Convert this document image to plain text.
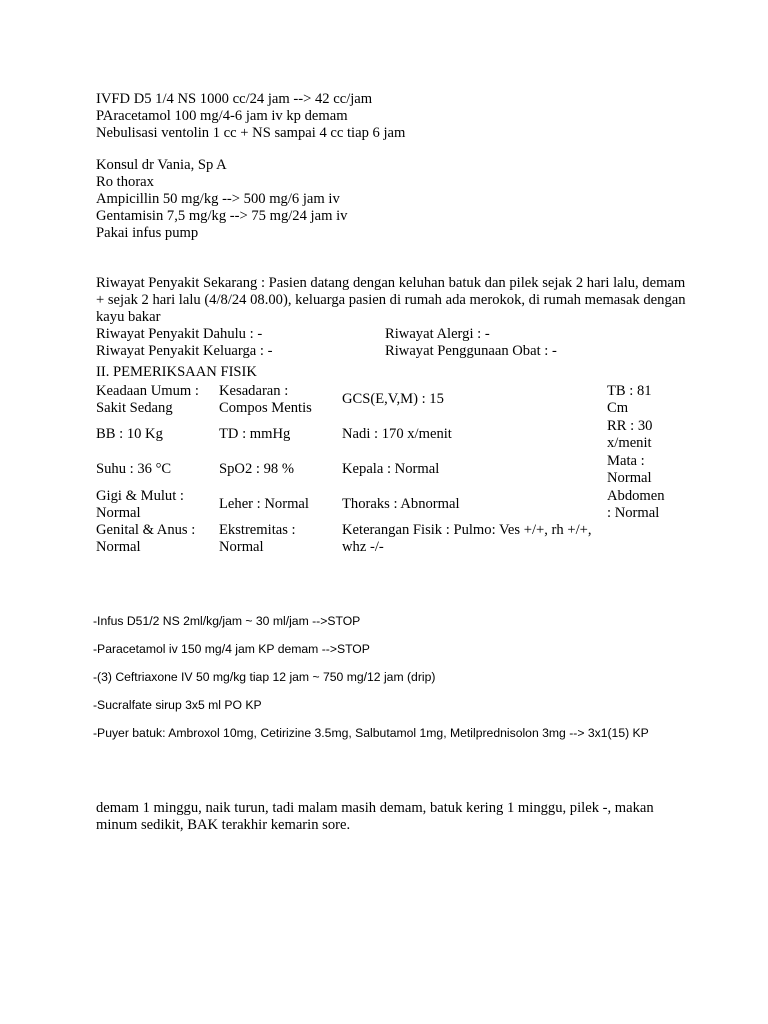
IVFD D5 1/4 NS 1000 cc/24 jam --> 42 cc/jam
PAracetamol 100 mg/4-6 jam iv kp demam
Nebulisasi ventolin 1 cc + NS sampai 4 cc tiap 6 jam
Konsul dr Vania, Sp A
Ro thorax
Ampicillin 50 mg/kg --> 500 mg/6 jam iv
Gentamisin 7,5 mg/kg --> 75 mg/24 jam iv
Pakai infus pump
Riwayat Penyakit Sekarang : Pasien datang dengan keluhan batuk dan pilek sejak 2 hari lalu, demam + sejak 2 hari lalu (4/8/24 08.00), keluarga pasien di rumah ada merokok, di rumah memasak dengan kayu bakar
Riwayat Penyakit Dahulu : -	Riwayat Alergi : -
Riwayat Penyakit Keluarga : -	Riwayat Penggunaan Obat : -
II. PEMERIKSAAN FISIK
Keadaan Umum : Sakit Sedang	Kesadaran : Compos Mentis	GCS(E,V,M) : 15	TB : 81 Cm
BB : 10 Kg	TD : mmHg	Nadi : 170 x/menit	RR : 30 x/menit
Suhu : 36 °C	SpO2 : 98 %	Kepala : Normal	Mata : Normal
Gigi & Mulut : Normal	Leher : Normal	Thoraks : Abnormal	Abdomen : Normal
Genital & Anus : Normal	Ekstremitas : Normal	Keterangan Fisik : Pulmo: Ves +/+, rh +/+, whz -/-	
-Infus D51/2 NS 2ml/kg/jam ~ 30 ml/jam -->STOP
-Paracetamol iv 150 mg/4 jam KP demam -->STOP
-(3) Ceftriaxone IV 50 mg/kg tiap 12 jam ~ 750 mg/12 jam (drip)
-Sucralfate sirup 3x5 ml PO KP
-Puyer batuk: Ambroxol 10mg, Cetirizine 3.5mg, Salbutamol 1mg, Metilprednisolon 3mg --> 3x1(15) KP
demam 1 minggu, naik turun, tadi malam masih demam, batuk kering 1 minggu, pilek -, makan minum sedikit, BAK terakhir kemarin sore.
